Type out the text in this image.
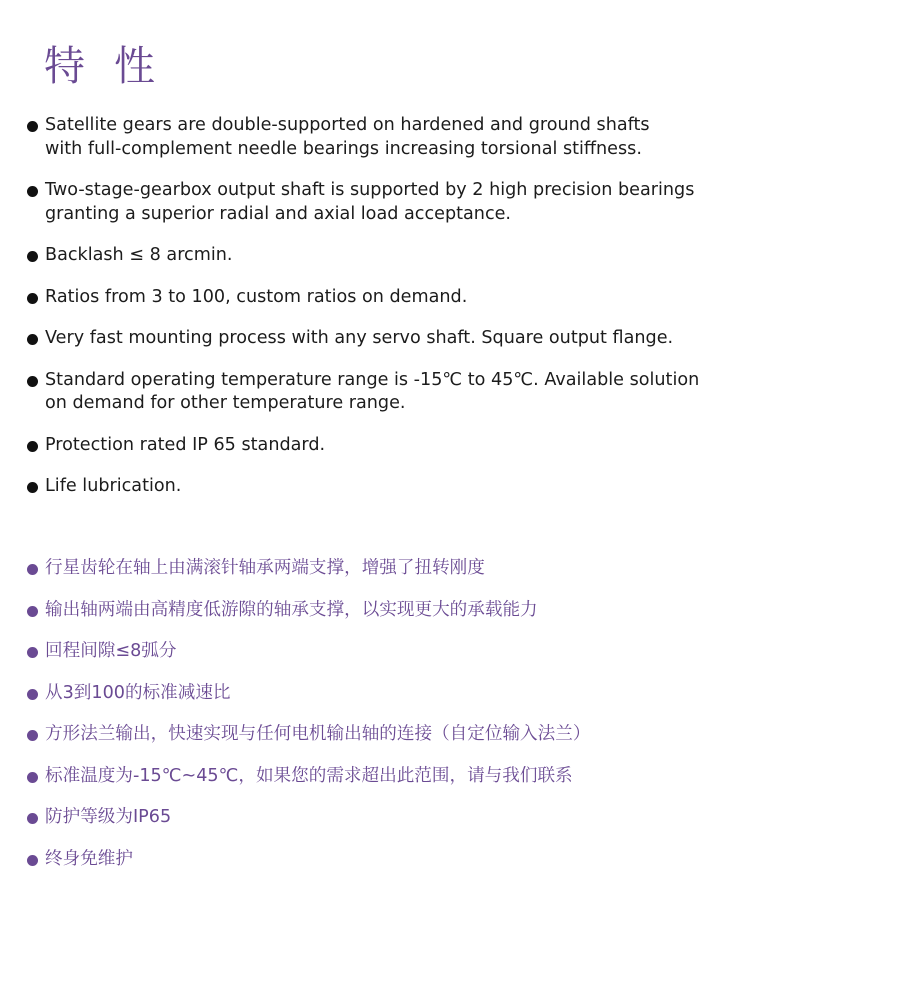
特 性
Satellite gears are double-supported on hardened and ground shafts
with full-complement needle bearings increasing torsional stiffness.
Two-stage-gearbox output shaft is supported by 2 high precision bearings
granting a superior radial and axial load acceptance.
Backlash ≤ 8 arcmin.
Ratios from 3 to 100, custom ratios on demand.
Very fast mounting process with any servo shaft. Square output flange.
Standard operating temperature range is -15℃ to 45℃. Available solution
on demand for other temperature range.
Protection rated IP 65 standard.
Life lubrication.
行星齿轮在轴上由满滚针轴承两端支撑，增强了扭转刚度
输出轴两端由高精度低游隙的轴承支撑，以实现更大的承载能力
回程间隙≤8弧分
从3到100的标准减速比
方形法兰输出，快速实现与任何电机输出轴的连接（自定位输入法兰）
标准温度为-15℃~45℃，如果您的需求超出此范围，请与我们联系
防护等级为IP65
终身免维护
